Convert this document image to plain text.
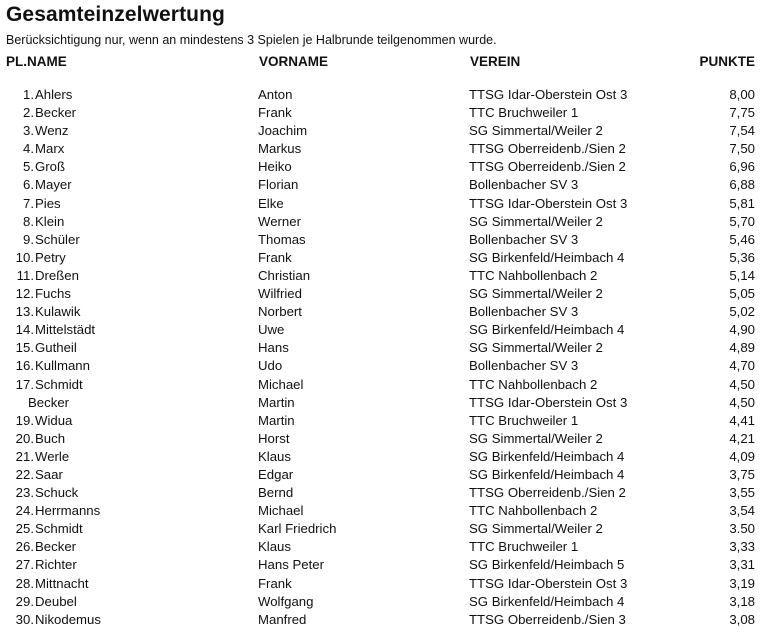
Gesamteinzelwertung
Berücksichtigung nur, wenn an mindestens 3 Spielen je Halbrunde teilgenommen wurde.
PL.NAME	VORNAME	VEREIN	PUNKTE
1. Ahlers	Anton	TTSG Idar-Oberstein Ost 3	8,00
2. Becker	Frank	TTC Bruchweiler 1	7,75
3. Wenz	Joachim	SG Simmertal/Weiler 2	7,54
4. Marx	Markus	TTSG Oberreidenb./Sien 2	7,50
5. Groß	Heiko	TTSG Oberreidenb./Sien 2	6,96
6. Mayer	Florian	Bollenbacher SV 3	6,88
7. Pies	Elke	TTSG Idar-Oberstein Ost 3	5,81
8. Klein	Werner	SG Simmertal/Weiler 2	5,70
9. Schüler	Thomas	Bollenbacher SV 3	5,46
10. Petry	Frank	SG Birkenfeld/Heimbach 4	5,36
11. Dreßen	Christian	TTC Nahbollenbach 2	5,14
12. Fuchs	Wilfried	SG Simmertal/Weiler 2	5,05
13. Kulawik	Norbert	Bollenbacher SV 3	5,02
14. Mittelstädt	Uwe	SG Birkenfeld/Heimbach 4	4,90
15. Gutheil	Hans	SG Simmertal/Weiler 2	4,89
16. Kullmann	Udo	Bollenbacher SV 3	4,70
17. Schmidt	Michael	TTC Nahbollenbach 2	4,50
Becker	Martin	TTSG Idar-Oberstein Ost 3	4,50
19. Widua	Martin	TTC Bruchweiler 1	4,41
20. Buch	Horst	SG Simmertal/Weiler 2	4,21
21. Werle	Klaus	SG Birkenfeld/Heimbach 4	4,09
22. Saar	Edgar	SG Birkenfeld/Heimbach 4	3,75
23. Schuck	Bernd	TTSG Oberreidenb./Sien 2	3,55
24. Herrmanns	Michael	TTC Nahbollenbach 2	3,54
25. Schmidt	Karl Friedrich	SG Simmertal/Weiler 2	3.50
26. Becker	Klaus	TTC Bruchweiler 1	3,33
27. Richter	Hans Peter	SG Birkenfeld/Heimbach 5	3,31
28. Mittnacht	Frank	TTSG Idar-Oberstein Ost 3	3,19
29. Deubel	Wolfgang	SG Birkenfeld/Heimbach 4	3,18
30. Nikodemus	Manfred	TTSG Oberreidenb./Sien 3	3,08
